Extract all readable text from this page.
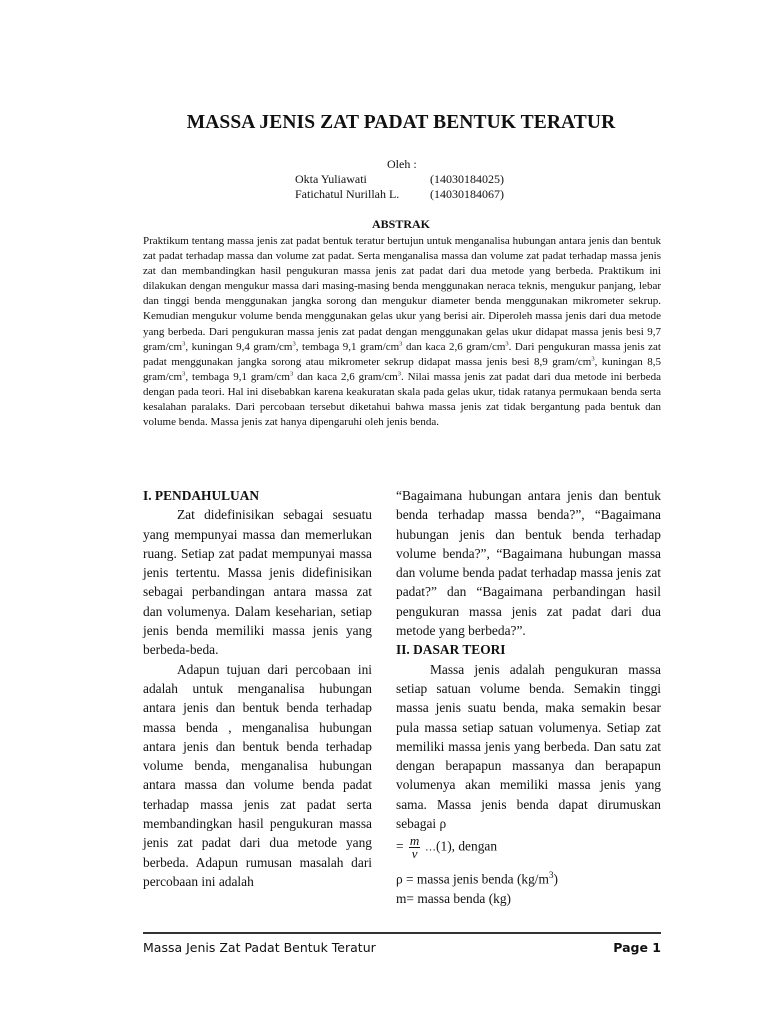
MASSA JENIS ZAT PADAT BENTUK TERATUR
Oleh :
Okta Yuliawati	(14030184025)
Fatichatul Nurillah L.	(14030184067)
ABSTRAK
Praktikum tentang massa jenis zat padat bentuk teratur bertujun untuk menganalisa hubungan antara jenis dan bentuk zat padat terhadap massa dan volume zat padat. Serta menganalisa massa dan volume zat padat terhadap massa jenis zat dan membandingkan hasil pengukuran massa jenis zat padat dari dua metode yang berbeda. Praktikum ini dilakukan dengan mengukur massa dari masing-masing benda menggunakan neraca teknis, mengukur panjang, lebar dan tinggi benda menggunakan jangka sorong dan mengukur diameter benda menggunakan mikrometer sekrup. Kemudian mengukur volume benda menggunakan gelas ukur yang berisi air. Diperoleh massa jenis dari dua metode yang berbeda. Dari pengukuran massa jenis zat padat dengan menggunakan gelas ukur didapat massa jenis besi 9,7 gram/$cm^3$, kuningan 9,4 gram/$cm^3$, tembaga 9,1 gram/$cm^3$ dan kaca 2,6 gram/$cm^3$. Dari pengukuran massa jenis zat padat menggunakan jangka sorong atau mikrometer sekrup didapat massa jenis besi 8,9 gram/$cm^3$, kuningan 8,5 gram/$cm^3$, tembaga 9,1 gram/$cm^3$ dan kaca 2,6 gram/$cm^3$. Nilai massa jenis zat padat dari dua metode ini berbeda dengan pada teori. Hal ini disebabkan karena keakuratan skala pada gelas ukur, tidak ratanya permukaan benda serta kesalahan paralaks. Dari percobaan tersebut diketahui bahwa massa jenis zat tidak bergantung pada bentuk dan volume benda. Massa jenis zat hanya dipengaruhi oleh jenis benda.
I. PENDAHULUAN

Zat didefinisikan sebagai sesuatu yang mempunyai massa dan memerlukan ruang. Setiap zat padat mempunyai massa jenis tertentu. Massa jenis didefinisikan sebagai perbandingan antara massa zat dan volumenya. Dalam keseharian, setiap jenis benda memiliki massa jenis yang berbeda-beda.

Adapun tujuan dari percobaan ini adalah untuk menganalisa hubungan antara jenis dan bentuk benda terhadap massa benda , menganalisa hubungan antara jenis dan bentuk benda terhadap volume benda, menganalisa hubungan antara massa dan volume benda padat terhadap massa jenis zat padat serta membandingkan hasil pengukuran massa jenis zat padat dari dua metode yang berbeda. Adapun rumusan masalah dari percobaan ini adalah

“Bagaimana hubungan antara jenis dan bentuk benda terhadap massa benda?”, “Bagaimana hubungan jenis dan bentuk benda terhadap volume benda?”, “Bagaimana hubungan massa dan volume benda padat terhadap massa jenis zat padat?” dan “Bagaimana perbandingan hasil pengukuran massa jenis zat padat dari dua metode yang berbeda?”.

II. DASAR TEORI

Massa jenis adalah pengukuran massa setiap satuan volume benda. Semakin tinggi massa jenis suatu benda, maka semakin besar pula massa setiap satuan volumenya. Setiap zat memiliki massa jenis yang berbeda. Dan satu zat dengan berapapun massanya dan berapapun volumenya akan memiliki massa jenis yang sama. Massa jenis benda dapat dirumuskan sebagai ρ

= $\frac{m}{v}$ …(1), dengan
ρ = massa jenis benda $(kg/m^3)$
m= massa benda (kg)
Massa Jenis Zat Padat Bentuk Teratur	Page 1
